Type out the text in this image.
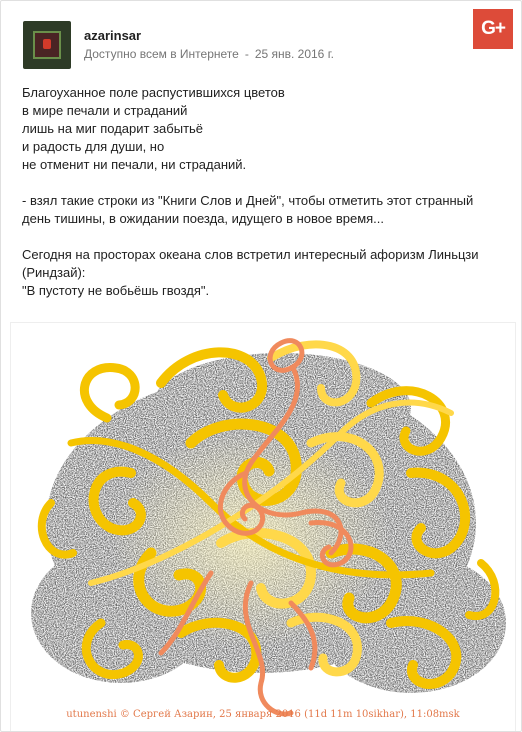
azarinsar
Доступно всем в Интернете - 25 янв. 2016 г.
G+

Благоуханное поле распустившихся цветов

в мире печали и страданий

лишь на миг подарит забытьё

и радость для души, но

не отменит ни печали, ни страданий.

- взял такие строки из "Книги Слов и Дней", чтобы отметить этот странный

день тишины, в ожидании поезда, идущего в новое время...

Сегодня на просторах океана слов встретил интересный афоризм Линьцзи

(Риндзай):

"В пустоту не вобьёшь гвоздя".

utunenshi © Сергей Азарин, 25 января 2016 (11d 11m 10sikhar), 11:08msk
